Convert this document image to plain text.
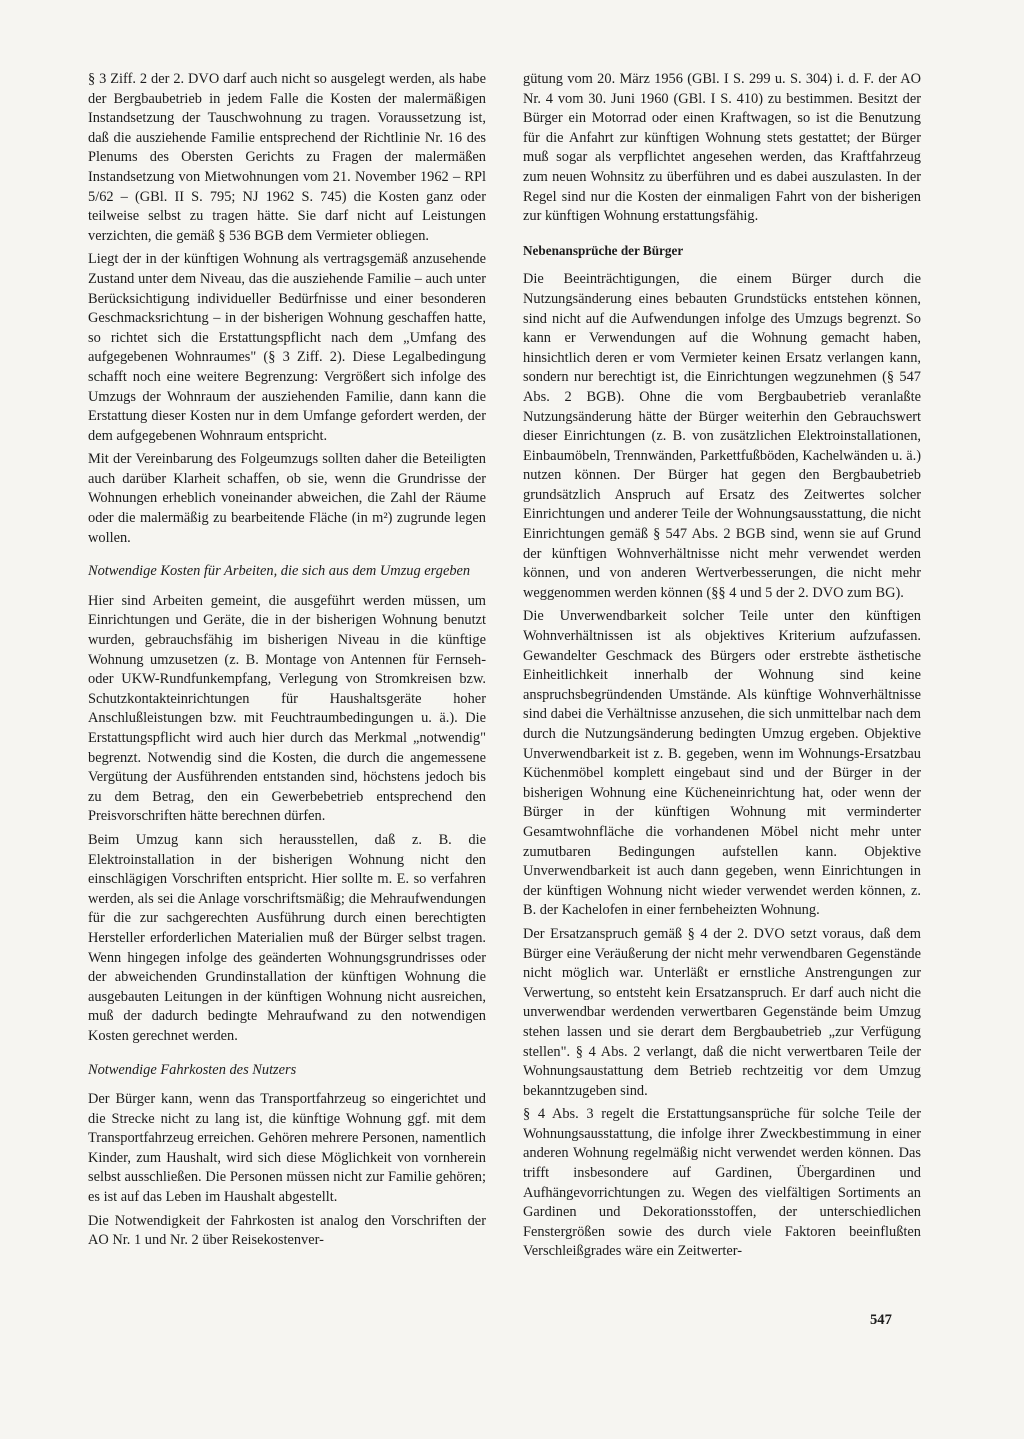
§ 3 Ziff. 2 der 2. DVO darf auch nicht so ausgelegt werden, als habe der Bergbaubetrieb in jedem Falle die Kosten der malermäßigen Instandsetzung der Tauschwohnung zu tragen. Voraussetzung ist, daß die ausziehende Familie entsprechend der Richtlinie Nr. 16 des Plenums des Obersten Gerichts zu Fragen der malermäßen Instandsetzung von Mietwohnungen vom 21. November 1962 – RPl 5/62 – (GBl. II S. 795; NJ 1962 S. 745) die Kosten ganz oder teilweise selbst zu tragen hätte. Sie darf nicht auf Leistungen verzichten, die gemäß § 536 BGB dem Vermieter obliegen.

Liegt der in der künftigen Wohnung als vertragsgemäß anzusehende Zustand unter dem Niveau, das die ausziehende Familie – auch unter Berücksichtigung individueller Bedürfnisse und einer besonderen Geschmacksrichtung – in der bisherigen Wohnung geschaffen hatte, so richtet sich die Erstattungspflicht nach dem „Umfang des aufgegebenen Wohnraumes" (§ 3 Ziff. 2). Diese Legalbedingung schafft noch eine weitere Begrenzung: Vergrößert sich infolge des Umzugs der Wohnraum der ausziehenden Familie, dann kann die Erstattung dieser Kosten nur in dem Umfange gefordert werden, der dem aufgegebenen Wohnraum entspricht.

Mit der Vereinbarung des Folgeumzugs sollten daher die Beteiligten auch darüber Klarheit schaffen, ob sie, wenn die Grundrisse der Wohnungen erheblich voneinander abweichen, die Zahl der Räume oder die malermäßig zu bearbeitende Fläche (in m²) zugrunde legen wollen.

Notwendige Kosten für Arbeiten, die sich aus dem Umzug ergeben

Hier sind Arbeiten gemeint, die ausgeführt werden müssen, um Einrichtungen und Geräte, die in der bisherigen Wohnung benutzt wurden, gebrauchsfähig im bisherigen Niveau in die künftige Wohnung umzusetzen (z. B. Montage von Antennen für Fernseh- oder UKW-Rundfunkempfang, Verlegung von Stromkreisen bzw. Schutzkontakteinrichtungen für Haushaltsgeräte hoher Anschlußleistungen bzw. mit Feuchtraumbedingungen u. ä.). Die Erstattungspflicht wird auch hier durch das Merkmal „notwendig" begrenzt. Notwendig sind die Kosten, die durch die angemessene Vergütung der Ausführenden entstanden sind, höchstens jedoch bis zu dem Betrag, den ein Gewerbebetrieb entsprechend den Preisvorschriften hätte berechnen dürfen.

Beim Umzug kann sich herausstellen, daß z. B. die Elektroinstallation in der bisherigen Wohnung nicht den einschlägigen Vorschriften entspricht. Hier sollte m. E. so verfahren werden, als sei die Anlage vorschriftsmäßig; die Mehraufwendungen für die zur sachgerechten Ausführung durch einen berechtigten Hersteller erforderlichen Materialien muß der Bürger selbst tragen. Wenn hingegen infolge des geänderten Wohnungsgrundrisses oder der abweichenden Grundinstallation der künftigen Wohnung die ausgebauten Leitungen in der künftigen Wohnung nicht ausreichen, muß der dadurch bedingte Mehraufwand zu den notwendigen Kosten gerechnet werden.

Notwendige Fahrkosten des Nutzers

Der Bürger kann, wenn das Transportfahrzeug so eingerichtet und die Strecke nicht zu lang ist, die künftige Wohnung ggf. mit dem Transportfahrzeug erreichen. Gehören mehrere Personen, namentlich Kinder, zum Haushalt, wird sich diese Möglichkeit von vornherein selbst ausschließen. Die Personen müssen nicht zur Familie gehören; es ist auf das Leben im Haushalt abgestellt.

Die Notwendigkeit der Fahrkosten ist analog den Vorschriften der AO Nr. 1 und Nr. 2 über Reisekostenver-

gütung vom 20. März 1956 (GBl. I S. 299 u. S. 304) i. d. F. der AO Nr. 4 vom 30. Juni 1960 (GBl. I S. 410) zu bestimmen. Besitzt der Bürger ein Motorrad oder einen Kraftwagen, so ist die Benutzung für die Anfahrt zur künftigen Wohnung stets gestattet; der Bürger muß sogar als verpflichtet angesehen werden, das Kraftfahrzeug zum neuen Wohnsitz zu überführen und es dabei auszulasten. In der Regel sind nur die Kosten der einmaligen Fahrt von der bisherigen zur künftigen Wohnung erstattungsfähig.

Nebenansprüche der Bürger

Die Beeinträchtigungen, die einem Bürger durch die Nutzungsänderung eines bebauten Grundstücks entstehen können, sind nicht auf die Aufwendungen infolge des Umzugs begrenzt. So kann er Verwendungen auf die Wohnung gemacht haben, hinsichtlich deren er vom Vermieter keinen Ersatz verlangen kann, sondern nur berechtigt ist, die Einrichtungen wegzunehmen (§ 547 Abs. 2 BGB). Ohne die vom Bergbaubetrieb veranlaßte Nutzungsänderung hätte der Bürger weiterhin den Gebrauchswert dieser Einrichtungen (z. B. von zusätzlichen Elektroinstallationen, Einbaumöbeln, Trennwänden, Parkettfußböden, Kachelwänden u. ä.) nutzen können. Der Bürger hat gegen den Bergbaubetrieb grundsätzlich Anspruch auf Ersatz des Zeitwertes solcher Einrichtungen und anderer Teile der Wohnungsausstattung, die nicht Einrichtungen gemäß § 547 Abs. 2 BGB sind, wenn sie auf Grund der künftigen Wohnverhältnisse nicht mehr verwendet werden können, und von anderen Wertverbesserungen, die nicht mehr weggenommen werden können (§§ 4 und 5 der 2. DVO zum BG).

Die Unverwendbarkeit solcher Teile unter den künftigen Wohnverhältnissen ist als objektives Kriterium aufzufassen. Gewandelter Geschmack des Bürgers oder erstrebte ästhetische Einheitlichkeit innerhalb der Wohnung sind keine anspruchsbegründenden Umstände. Als künftige Wohnverhältnisse sind dabei die Verhältnisse anzusehen, die sich unmittelbar nach dem durch die Nutzungsänderung bedingten Umzug ergeben. Objektive Unverwendbarkeit ist z. B. gegeben, wenn im Wohnungs-Ersatzbau Küchenmöbel komplett eingebaut sind und der Bürger in der bisherigen Wohnung eine Kücheneinrichtung hat, oder wenn der Bürger in der künftigen Wohnung mit verminderter Gesamtwohnfläche die vorhandenen Möbel nicht mehr unter zumutbaren Bedingungen aufstellen kann. Objektive Unverwendbarkeit ist auch dann gegeben, wenn Einrichtungen in der künftigen Wohnung nicht wieder verwendet werden können, z. B. der Kachelofen in einer fernbeheizten Wohnung.

Der Ersatzanspruch gemäß § 4 der 2. DVO setzt voraus, daß dem Bürger eine Veräußerung der nicht mehr verwendbaren Gegenstände nicht möglich war. Unterläßt er ernstliche Anstrengungen zur Verwertung, so entsteht kein Ersatzanspruch. Er darf auch nicht die unverwendbar werdenden verwertbaren Gegenstände beim Umzug stehen lassen und sie derart dem Bergbaubetrieb „zur Verfügung stellen". § 4 Abs. 2 verlangt, daß die nicht verwertbaren Teile der Wohnungsaustattung dem Betrieb rechtzeitig vor dem Umzug bekanntzugeben sind.

§ 4 Abs. 3 regelt die Erstattungsansprüche für solche Teile der Wohnungsausstattung, die infolge ihrer Zweckbestimmung in einer anderen Wohnung regelmäßig nicht verwendet werden können. Das trifft insbesondere auf Gardinen, Übergardinen und Aufhängevorrichtungen zu. Wegen des vielfältigen Sortiments an Gardinen und Dekorationsstoffen, der unterschiedlichen Fenstergrößen sowie des durch viele Faktoren beeinflußten Verschleißgrades wäre ein Zeitwerter-

547
